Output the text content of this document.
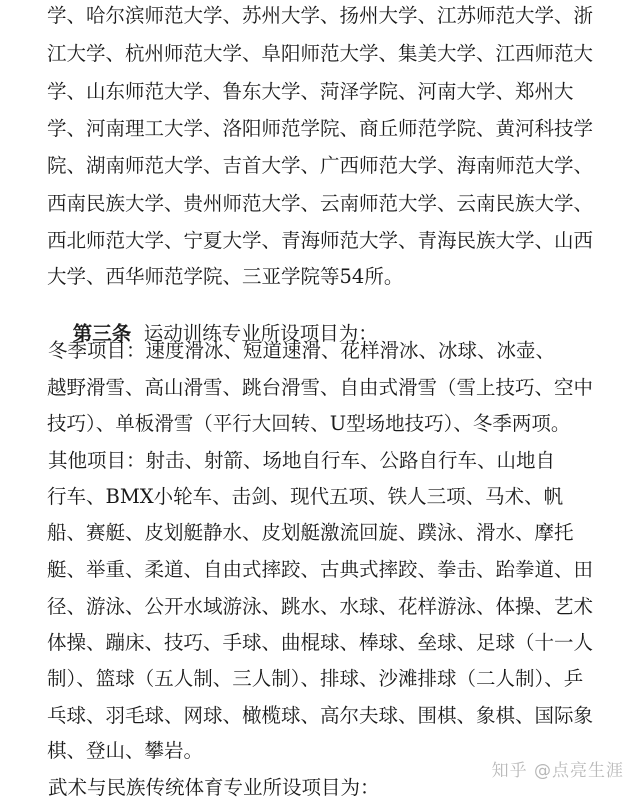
学、哈尔滨师范大学、苏州大学、扬州大学、江苏师范大学、浙
江大学、杭州师范大学、阜阳师范大学、集美大学、江西师范大
学、山东师范大学、鲁东大学、菏泽学院、河南大学、郑州大
学、河南理工大学、洛阳师范学院、商丘师范学院、黄河科技学
院、湖南师范大学、吉首大学、广西师范大学、海南师范大学、
西南民族大学、贵州师范大学、云南师范大学、云南民族大学、
西北师范大学、宁夏大学、青海师范大学、青海民族大学、山西
大学、西华师范学院、三亚学院等54所。

第三条  运动训练专业所设项目为：

冬季项目：速度滑冰、短道速滑、花样滑冰、冰球、冰壶、
越野滑雪、高山滑雪、跳台滑雪、自由式滑雪（雪上技巧、空中
技巧）、单板滑雪（平行大回转、U型场地技巧）、冬季两项。
其他项目：射击、射箭、场地自行车、公路自行车、山地自
行车、BMX小轮车、击剑、现代五项、铁人三项、马术、帆
船、赛艇、皮划艇静水、皮划艇激流回旋、蹼泳、滑水、摩托
艇、举重、柔道、自由式摔跤、古典式摔跤、拳击、跆拳道、田
径、游泳、公开水域游泳、跳水、水球、花样游泳、体操、艺术
体操、蹦床、技巧、手球、曲棍球、棒球、垒球、足球（十一人
制）、篮球（五人制、三人制）、排球、沙滩排球（二人制）、乒
乓球、羽毛球、网球、橄榄球、高尔夫球、围棋、象棋、国际象
棋、登山、攀岩。
武术与民族传统体育专业所设项目为：
知乎 @点亮生涯
